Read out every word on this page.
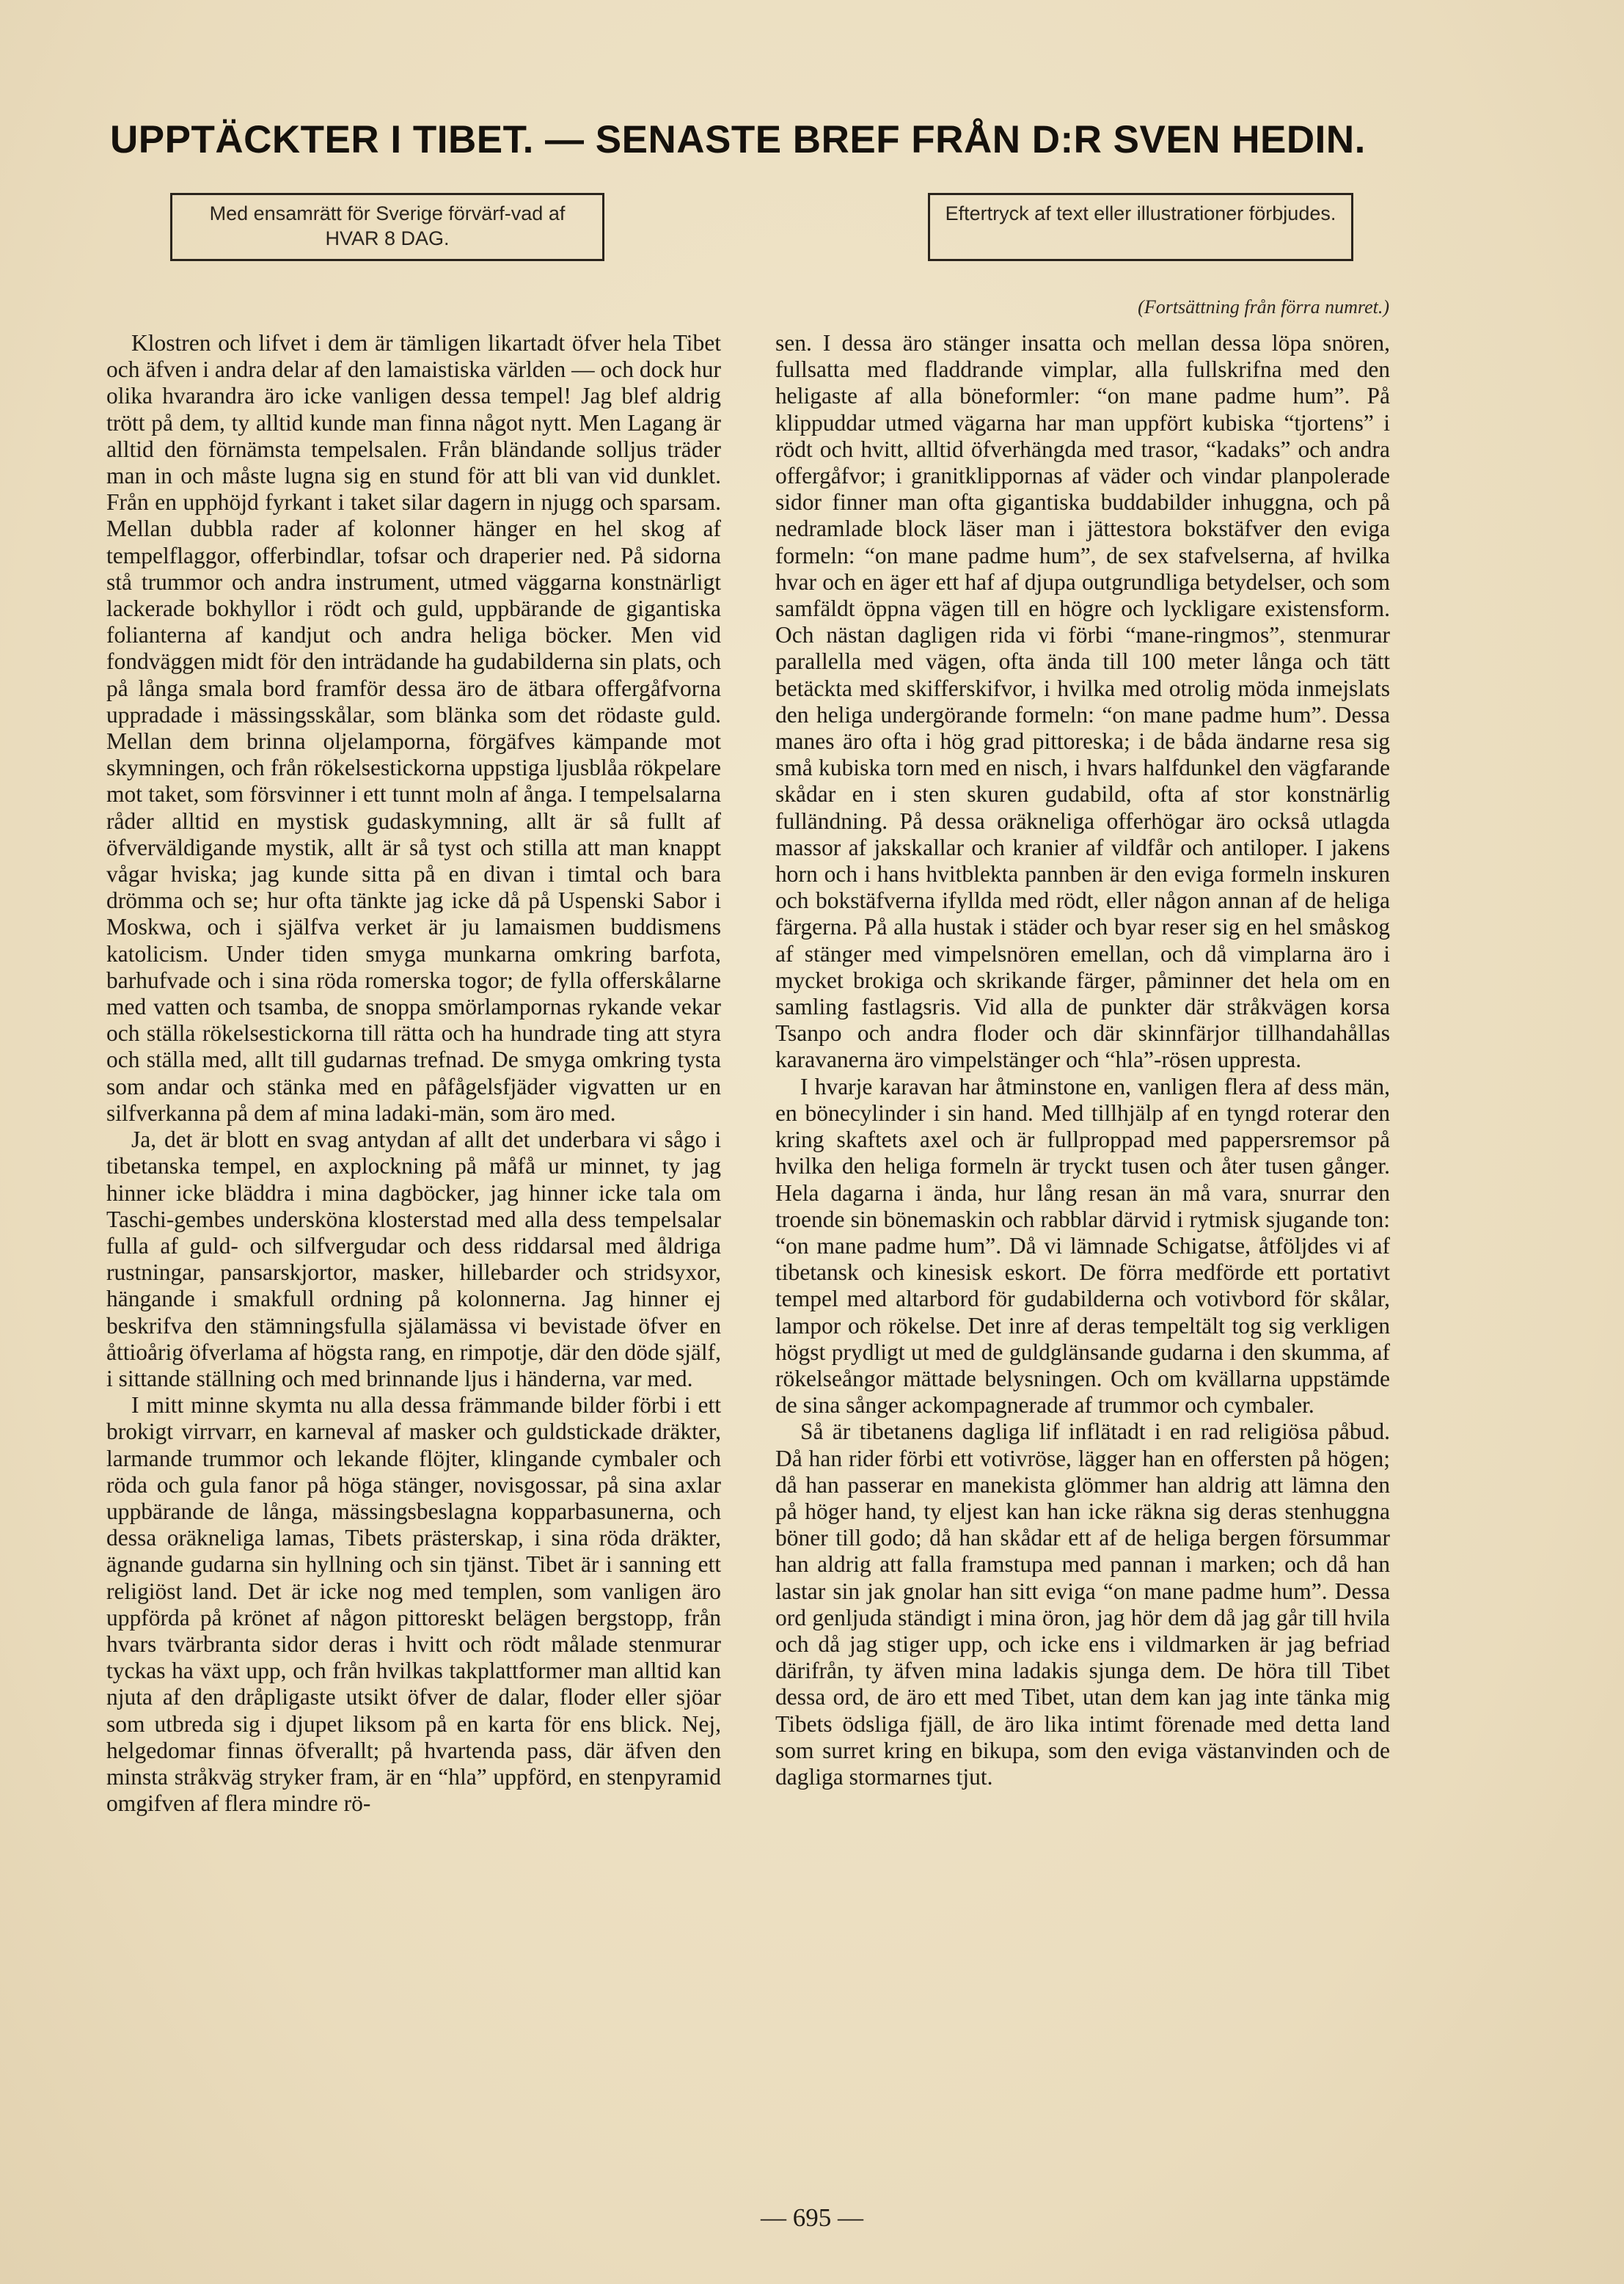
UPPTÄCKTER I TIBET. — SENASTE BREF FRÅN D:R SVEN HEDIN.
Med ensamrätt för Sverige förvärf-vad af HVAR 8 DAG.
Eftertryck af text eller illustrationer förbjudes.
(Fortsättning från förra numret.)

Klostren och lifvet i dem är tämligen likartadt öfver hela Tibet och äfven i andra delar af den lamaistiska världen — och dock hur olika hvarandra äro icke vanligen dessa tempel! Jag blef aldrig trött på dem, ty alltid kunde man finna något nytt. Men Lagang är alltid den förnämsta tempelsalen. Från bländande solljus träder man in och måste lugna sig en stund för att bli van vid dunklet. Från en upphöjd fyrkant i taket silar dagern in njugg och sparsam. Mellan dubbla rader af kolonner hänger en hel skog af tempelflaggor, offerbindlar, tofsar och draperier ned. På sidorna stå trummor och andra instrument, utmed väggarna konstnärligt lackerade bokhyllor i rödt och guld, uppbärande de gigantiska folianterna af kandjut och andra heliga böcker. Men vid fondväggen midt för den inträdande ha gudabilderna sin plats, och på långa smala bord framför dessa äro de ätbara offergåfvorna uppradade i mässingsskålar, som blänka som det rödaste guld. Mellan dem brinna oljelamporna, förgäfves kämpande mot skymningen, och från rökelsestickorna uppstiga ljusblåa rökpelare mot taket, som försvinner i ett tunnt moln af ånga. I tempelsalarna råder alltid en mystisk gudaskymning, allt är så fullt af öfverväldigande mystik, allt är så tyst och stilla att man knappt vågar hviska; jag kunde sitta på en divan i timtal och bara drömma och se; hur ofta tänkte jag icke då på Uspenski Sabor i Moskwa, och i själfva verket är ju lamaismen buddismens katolicism. Under tiden smyga munkarna omkring barfota, barhufvade och i sina röda romerska togor; de fylla offerskålarne med vatten och tsamba, de snoppa smörlampornas rykande vekar och ställa rökelsestickorna till rätta och ha hundrade ting att styra och ställa med, allt till gudarnas trefnad. De smyga omkring tysta som andar och stänka med en påfågelsfjäder vigvatten ur en silfverkanna på dem af mina ladaki-män, som äro med.

Ja, det är blott en svag antydan af allt det underbara vi sågo i tibetanska tempel, en axplockning på måfå ur minnet, ty jag hinner icke bläddra i mina dagböcker, jag hinner icke tala om Taschi-gembes undersköna klosterstad med alla dess tempelsalar fulla af guld- och silfvergudar och dess riddarsal med åldriga rustningar, pansarskjortor, masker, hillebarder och stridsyxor, hängande i smakfull ordning på kolonnerna. Jag hinner ej beskrifva den stämningsfulla själamässa vi bevistade öfver en åttioårig öfverlama af högsta rang, en rimpotje, där den döde själf, i sittande ställning och med brinnande ljus i händerna, var med.

I mitt minne skymta nu alla dessa främmande bilder förbi i ett brokigt virrvarr, en karneval af masker och guldstickade dräkter, larmande trummor och lekande flöjter, klingande cymbaler och röda och gula fanor på höga stänger, novisgossar, på sina axlar uppbärande de långa, mässingsbeslagna kopparbasunerna, och dessa oräkneliga lamas, Tibets prästerskap, i sina röda dräkter, ägnande gudarna sin hyllning och sin tjänst. Tibet är i sanning ett religiöst land. Det är icke nog med templen, som vanligen äro uppförda på krönet af någon pittoreskt belägen bergstopp, från hvars tvärbranta sidor deras i hvitt och rödt målade stenmurar tyckas ha växt upp, och från hvilkas takplattformer man alltid kan njuta af den dråpligaste utsikt öfver de dalar, floder eller sjöar som utbreda sig i djupet liksom på en karta för ens blick. Nej, helgedomar finnas öfverallt; på hvartenda pass, där äfven den minsta stråkväg stryker fram, är en “hla” uppförd, en stenpyramid omgifven af flera mindre rö-

sen. I dessa äro stänger insatta och mellan dessa löpa snören, fullsatta med fladdrande vimplar, alla fullskrifna med den heligaste af alla böneformler: “on mane padme hum”. På klippuddar utmed vägarna har man uppfört kubiska “tjortens” i rödt och hvitt, alltid öfverhängda med trasor, “kadaks” och andra offergåfvor; i granitklippornas af väder och vindar planpolerade sidor finner man ofta gigantiska buddabilder inhuggna, och på nedramlade block läser man i jättestora bokstäfver den eviga formeln: “on mane padme hum”, de sex stafvelserna, af hvilka hvar och en äger ett haf af djupa outgrundliga betydelser, och som samfäldt öppna vägen till en högre och lyckligare existensform. Och nästan dagligen rida vi förbi “mane-ringmos”, stenmurar parallella med vägen, ofta ända till 100 meter långa och tätt betäckta med skifferskifvor, i hvilka med otrolig möda inmejslats den heliga undergörande formeln: “on mane padme hum”. Dessa manes äro ofta i hög grad pittoreska; i de båda ändarne resa sig små kubiska torn med en nisch, i hvars halfdunkel den vägfarande skådar en i sten skuren gudabild, ofta af stor konstnärlig fulländning. På dessa oräkneliga offerhögar äro också utlagda massor af jakskallar och kranier af vildfår och antiloper. I jakens horn och i hans hvitblekta pannben är den eviga formeln inskuren och bokstäfverna ifyllda med rödt, eller någon annan af de heliga färgerna. På alla hustak i städer och byar reser sig en hel småskog af stänger med vimpelsnören emellan, och då vimplarna äro i mycket brokiga och skrikande färger, påminner det hela om en samling fastlagsris. Vid alla de punkter där stråkvägen korsa Tsanpo och andra floder och där skinnfärjor tillhandahållas karavanerna äro vimpelstänger och “hla”-rösen uppresta.

I hvarje karavan har åtminstone en, vanligen flera af dess män, en bönecylinder i sin hand. Med tillhjälp af en tyngd roterar den kring skaftets axel och är fullproppad med pappersremsor på hvilka den heliga formeln är tryckt tusen och åter tusen gånger. Hela dagarna i ända, hur lång resan än må vara, snurrar den troende sin bönemaskin och rabblar därvid i rytmisk sjugande ton: “on mane padme hum”. Då vi lämnade Schigatse, åtföljdes vi af tibetansk och kinesisk eskort. De förra medförde ett portativt tempel med altarbord för gudabilderna och votivbord för skålar, lampor och rökelse. Det inre af deras tempeltält tog sig verkligen högst prydligt ut med de guldglänsande gudarna i den skumma, af rökelseångor mättade belysningen. Och om kvällarna uppstämde de sina sånger ackompagnerade af trummor och cymbaler.

Så är tibetanens dagliga lif inflätadt i en rad religiösa påbud. Då han rider förbi ett votivröse, lägger han en offersten på högen; då han passerar en manekista glömmer han aldrig att lämna den på höger hand, ty eljest kan han icke räkna sig deras stenhuggna böner till godo; då han skådar ett af de heliga bergen försummar han aldrig att falla framstupa med pannan i marken; och då han lastar sin jak gnolar han sitt eviga “on mane padme hum”. Dessa ord genljuda ständigt i mina öron, jag hör dem då jag går till hvila och då jag stiger upp, och icke ens i vildmarken är jag befriad därifrån, ty äfven mina ladakis sjunga dem. De höra till Tibet dessa ord, de äro ett med Tibet, utan dem kan jag inte tänka mig Tibets ödsliga fjäll, de äro lika intimt förenade med detta land som surret kring en bikupa, som den eviga västanvinden och de dagliga stormarnes tjut.

— 695 —
